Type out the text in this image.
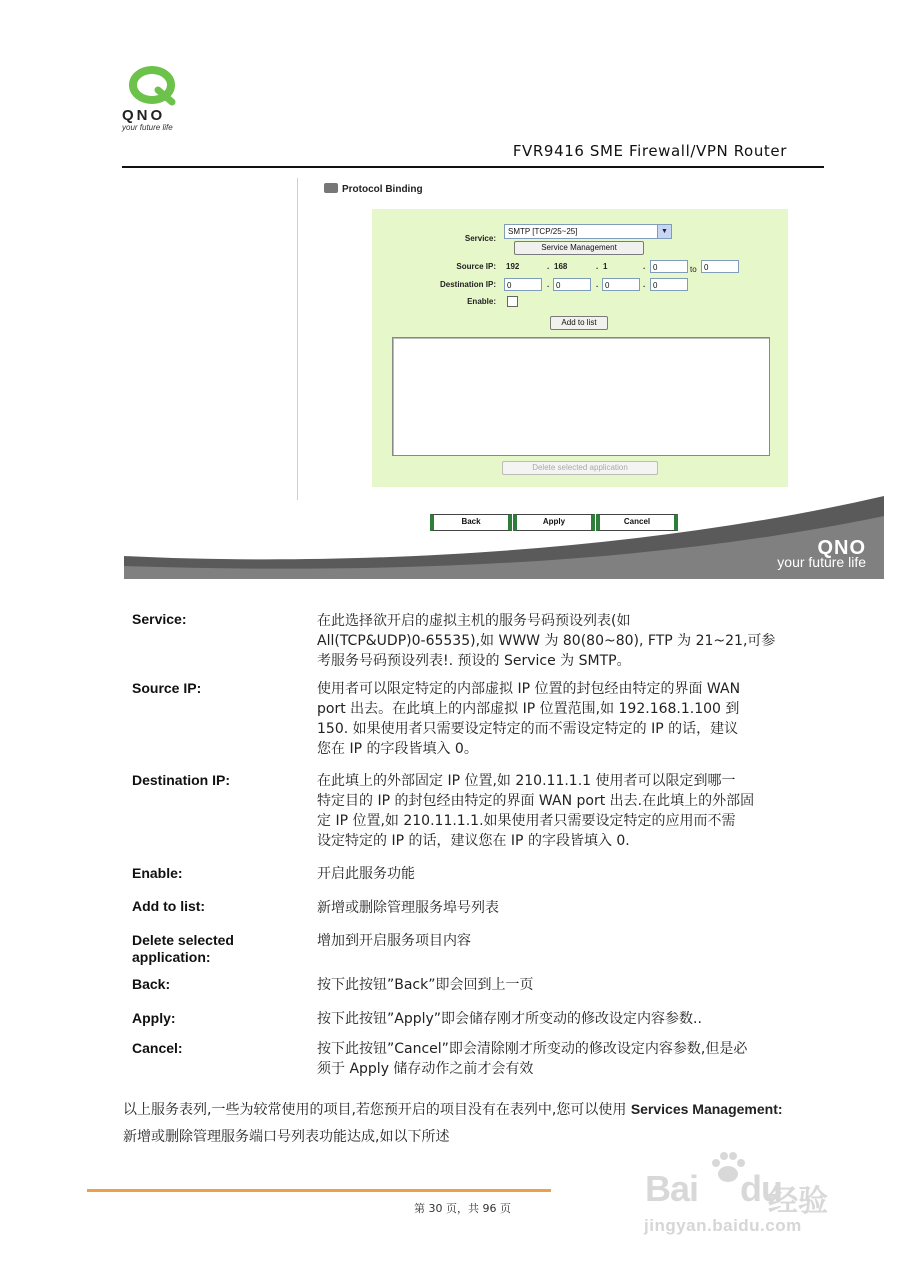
QNO
your future life
FVR9416 SME Firewall/VPN Router
Protocol Binding
Service:
SMTP [TCP/25~25]	▼
Service Management
Source IP: 192	. 168	. 1	. 0	to 0
Destination IP:	0	. 0	. 0	. 0
Enable:
Add to list
Delete selected application
QNO
your future life
Back	Apply	Cancel
Service:	在此选择欲开启的虚拟主机的服务号码预设列表(如
All(TCP&UDP)0-65535),如 WWW 为 80(80~80), FTP 为 21~21,可参
考服务号码预设列表!. 预设的 Service 为 SMTP。
Source IP:	使用者可以限定特定的内部虚拟 IP 位置的封包经由特定的界面 WAN
port 出去。在此填上的内部虚拟 IP 位置范围,如 192.168.1.100 到
150. 如果使用者只需要设定特定的而不需设定特定的 IP 的话，建议
您在 IP 的字段皆填入 0。
Destination IP:	在此填上的外部固定 IP 位置,如 210.11.1.1 使用者可以限定到哪一
特定目的 IP 的封包经由特定的界面 WAN port 出去.在此填上的外部固
定 IP 位置,如 210.11.1.1.如果使用者只需要设定特定的应用而不需
设定特定的 IP 的话，建议您在 IP 的字段皆填入 0.
Enable:	开启此服务功能
Add to list:	新增或删除管理服务埠号列表
Delete selected
application:
增加到开启服务项目内容
Back:	按下此按钮”Back”即会回到上一页
Apply:	按下此按钮”Apply”即会储存刚才所变动的修改设定内容参数..
Cancel:	按下此按钮”Cancel”即会清除刚才所变动的修改设定内容参数,但是必
须于 Apply 储存动作之前才会有效
以上服务表列,一些为较常使用的项目,若您预开启的项目没有在表列中,您可以使用 Services Management:
新增或删除管理服务端口号列表功能达成,如以下所述
第 30 页，共 96 页	Bai du
经验
jingyan.baidu.com
